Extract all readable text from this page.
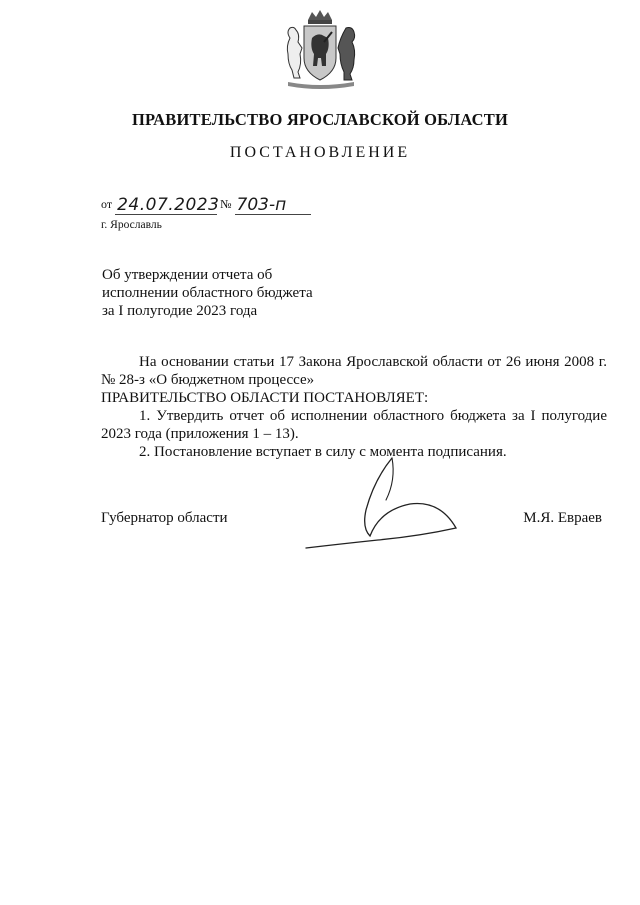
ПРАВИТЕЛЬСТВО ЯРОСЛАВСКОЙ ОБЛАСТИ
ПОСТАНОВЛЕНИЕ
от 24.07.2023 № 703-п
г. Ярославль
Об утверждении отчета об
исполнении областного бюджета
за I полугодие 2023 года

На основании статьи 17 Закона Ярославской области от 26 июня 2008 г. № 28-з «О бюджетном процессе»

ПРАВИТЕЛЬСТВО ОБЛАСТИ ПОСТАНОВЛЯЕТ:

1. Утвердить отчет об исполнении областного бюджета за I полугодие 2023 года (приложения 1 – 13).

2. Постановление вступает в силу с момента подписания.

Губернатор области	М.Я. Евраев
